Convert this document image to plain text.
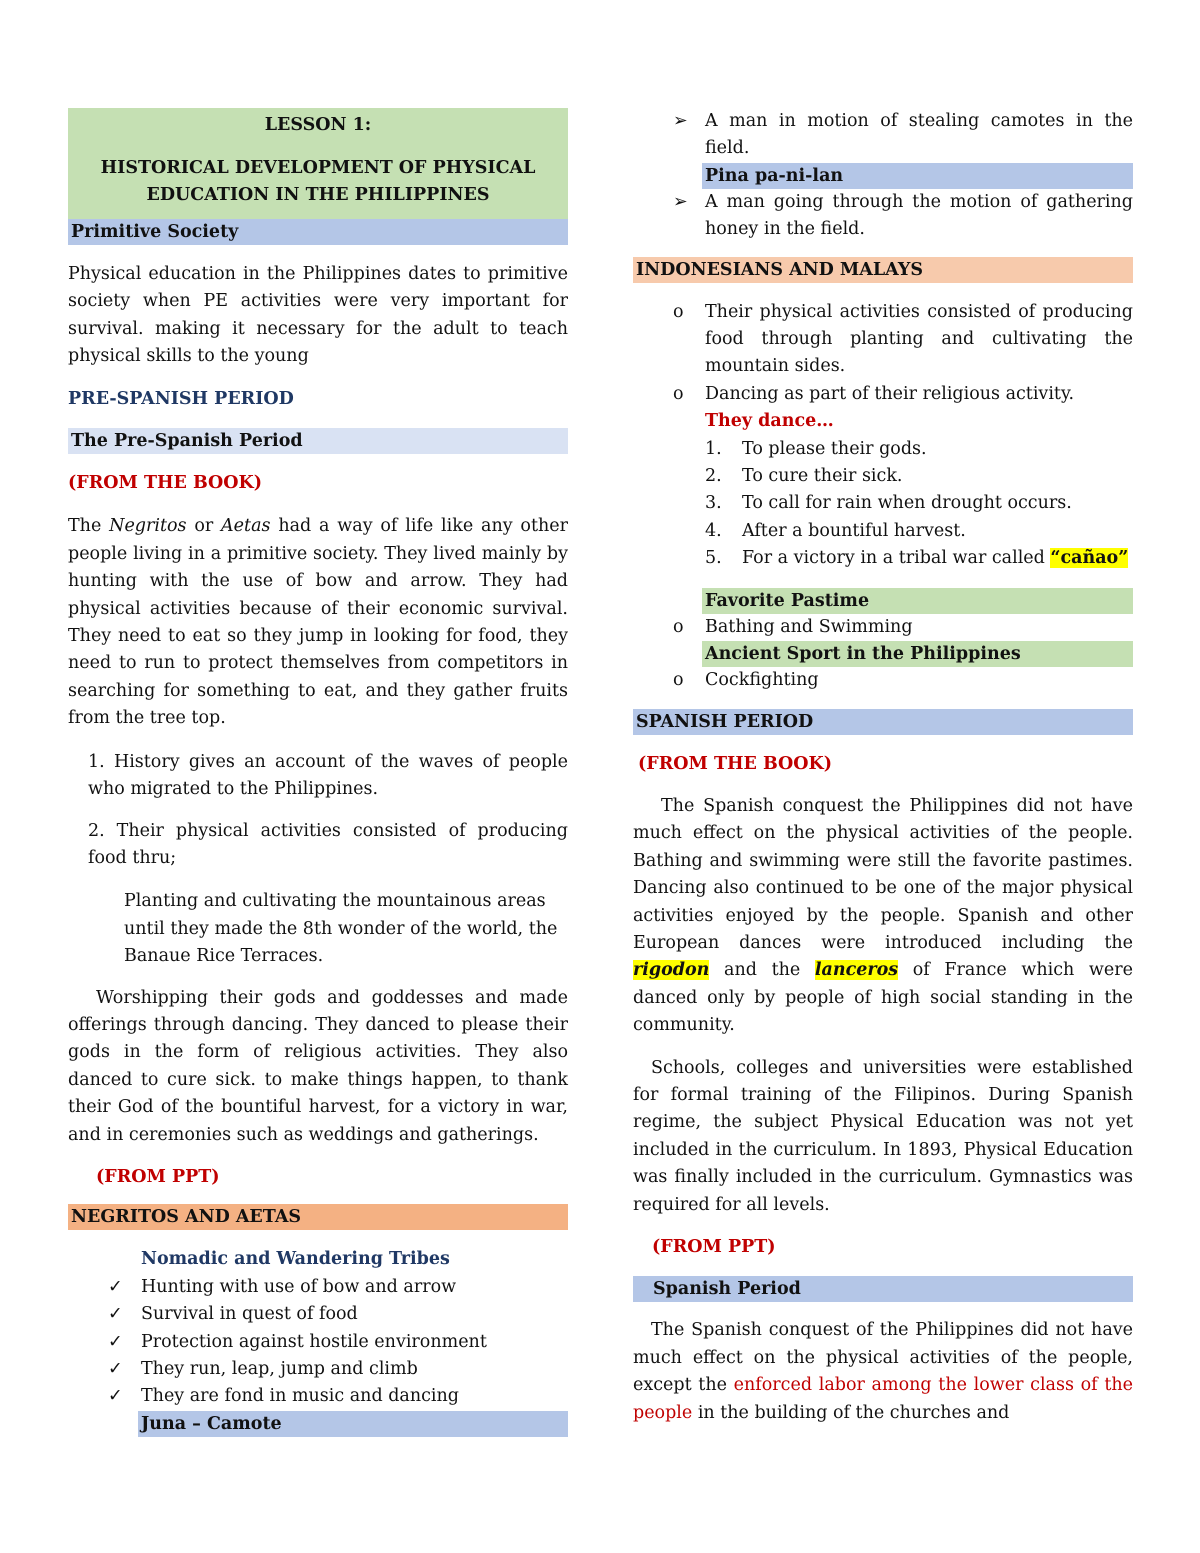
LESSON 1:
HISTORICAL DEVELOPMENT OF PHYSICAL
EDUCATION IN THE PHILIPPINES
Primitive Society

Physical education in the Philippines dates to primitive society when PE activities were very important for survival. making it necessary for the adult to teach physical skills to the young

PRE-SPANISH PERIOD

The Pre-Spanish Period

(FROM THE BOOK)

The Negritos or Aetas had a way of life like any other people living in a primitive society. They lived mainly by hunting with the use of bow and arrow. They had physical activities because of their economic survival. They need to eat so they jump in looking for food, they need to run to protect themselves from competitors in searching for something to eat, and they gather fruits from the tree top.

1. History gives an account of the waves of people who migrated to the Philippines.

2. Their physical activities consisted of producing food thru;

Planting and cultivating the mountainous areas until they made the 8th wonder of the world, the Banaue Rice Terraces.

Worshipping their gods and goddesses and made offerings through dancing. They danced to please their gods in the form of religious activities. They also danced to cure sick. to make things happen, to thank their God of the bountiful harvest, for a victory in war, and in ceremonies such as weddings and gatherings.

(FROM PPT)

NEGRITOS AND AETAS

Nomadic and Wandering Tribes

✓ Hunting with use of bow and arrow
✓ Survival in quest of food
✓ Protection against hostile environment
✓ They run, leap, jump and climb
✓ They are fond in music and dancing
Juna – Camote
➢ A man in motion of stealing camotes in the field.
Pina pa-ni-lan
➢ A man going through the motion of gathering honey in the field.
INDONESIANS AND MALAYS
o Their physical activities consisted of producing food through planting and cultivating the mountain sides.
o Dancing as part of their religious activity.

They dance…

1. To please their gods.
2. To cure their sick.
3. To call for rain when drought occurs.
4. After a bountiful harvest.
5. For a victory in a tribal war called “cañao”
Favorite Pastime
o Bathing and Swimming
Ancient Sport in the Philippines
o Cockfighting
SPANISH PERIOD

(FROM THE BOOK)

The Spanish conquest the Philippines did not have much effect on the physical activities of the people. Bathing and swimming were still the favorite pastimes. Dancing also continued to be one of the major physical activities enjoyed by the people. Spanish and other European dances were introduced including the rigodon and the lanceros of France which were danced only by people of high social standing in the community.

Schools, colleges and universities were established for formal training of the Filipinos. During Spanish regime, the subject Physical Education was not yet included in the curriculum. In 1893, Physical Education was finally included in the curriculum. Gymnastics was required for all levels.

(FROM PPT)

Spanish Period

The Spanish conquest of the Philippines did not have much effect on the physical activities of the people, except the enforced labor among the lower class of the people in the building of the churches and
